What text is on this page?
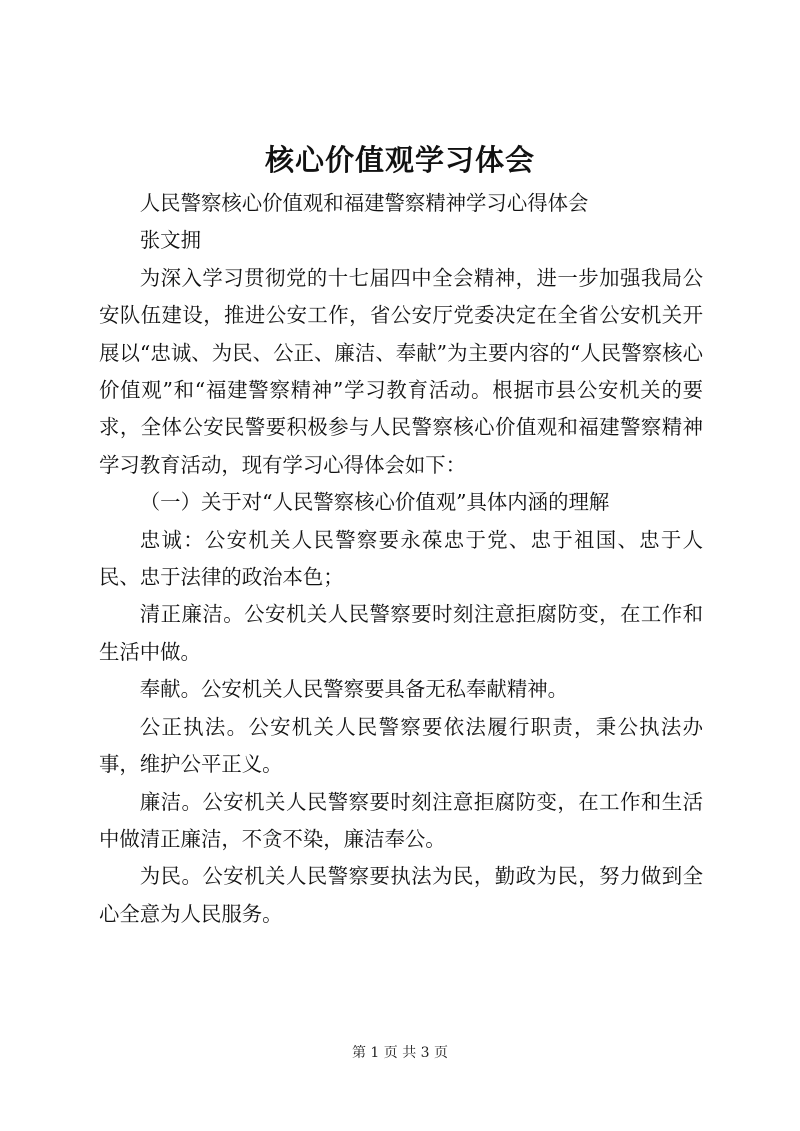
核心价值观学习体会

人民警察核心价值观和福建警察精神学习心得体会

张文拥

为深入学习贯彻党的十七届四中全会精神，进一步加强我局公安队伍建设，推进公安工作，省公安厅党委决定在全省公安机关开展以“忠诚、为民、公正、廉洁、奉献”为主要内容的“人民警察核心价值观”和“福建警察精神”学习教育活动。根据市县公安机关的要求，全体公安民警要积极参与人民警察核心价值观和福建警察精神学习教育活动，现有学习心得体会如下：

（一）关于对“人民警察核心价值观”具体内涵的理解

忠诚：公安机关人民警察要永葆忠于党、忠于祖国、忠于人民、忠于法律的政治本色；

清正廉洁。公安机关人民警察要时刻注意拒腐防变，在工作和生活中做。

奉献。公安机关人民警察要具备无私奉献精神。

公正执法。公安机关人民警察要依法履行职责，秉公执法办事，维护公平正义。

廉洁。公安机关人民警察要时刻注意拒腐防变，在工作和生活中做清正廉洁，不贪不染，廉洁奉公。

为民。公安机关人民警察要执法为民，勤政为民，努力做到全心全意为人民服务。

第 1 页 共 3 页
